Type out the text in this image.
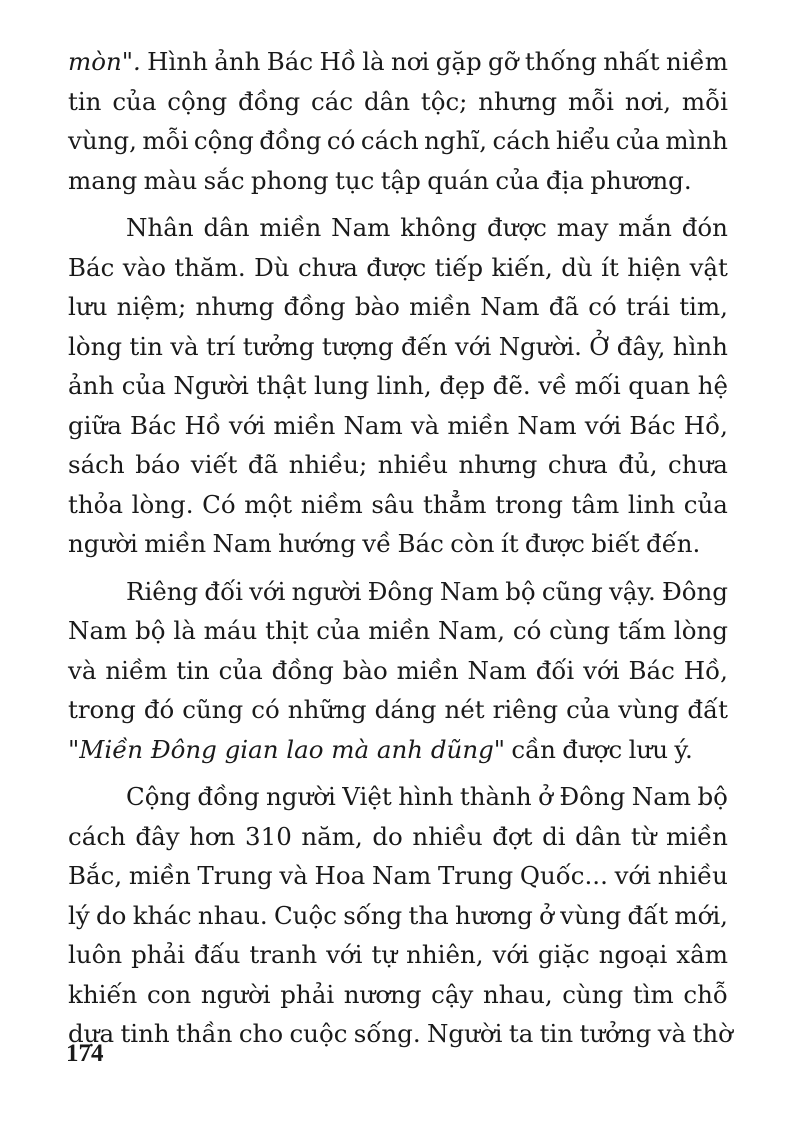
mòn". Hình ảnh Bác Hồ là nơi gặp gỡ thống nhất niềm
tin của cộng đồng các dân tộc; nhưng mỗi nơi, mỗi
vùng, mỗi cộng đồng có cách nghĩ, cách hiểu của mình
mang màu sắc phong tục tập quán của địa phương.
Nhân dân miền Nam không được may mắn đón
Bác vào thăm. Dù chưa được tiếp kiến, dù ít hiện vật
lưu niệm; nhưng đồng bào miền Nam đã có trái tim,
lòng tin và trí tưởng tượng đến với Người. Ở đây, hình
ảnh của Người thật lung linh, đẹp đẽ. về mối quan hệ
giữa Bác Hồ với miền Nam và miền Nam với Bác Hồ,
sách báo viết đã nhiều; nhiều nhưng chưa đủ, chưa
thỏa lòng. Có một niềm sâu thẳm trong tâm linh của
người miền Nam hướng về Bác còn ít được biết đến.
Riêng đối với người Đông Nam bộ cũng vậy. Đông
Nam bộ là máu thịt của miền Nam, có cùng tấm lòng
và niềm tin của đồng bào miền Nam đối với Bác Hồ,
trong đó cũng có những dáng nét riêng của vùng đất
"Miền Đông gian lao mà anh dũng" cần được lưu ý.
Cộng đồng người Việt hình thành ở Đông Nam bộ
cách đây hơn 310 năm, do nhiều đợt di dân từ miền
Bắc, miền Trung và Hoa Nam Trung Quốc... với nhiều
lý do khác nhau. Cuộc sống tha hương ở vùng đất mới,
luôn phải đấu tranh với tự nhiên, với giặc ngoại xâm
khiến con người phải nương cậy nhau, cùng tìm chỗ
dựa tinh thần cho cuộc sống. Người ta tin tưởng và thờ
174
